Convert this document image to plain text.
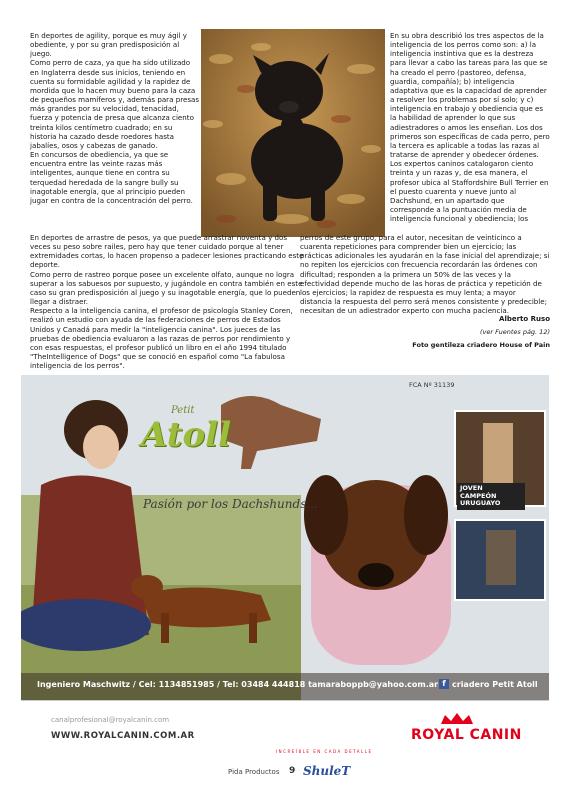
En deportes de agility, porque es muy ágil y obediente, y por su gran predisposición al juego.

Como perro de caza, ya que ha sido utilizado en Inglaterra desde sus inicios, teniendo en cuenta su formidable agilidad y la rapidez de mordida que lo hacen muy bueno para la caza de pequeños mamíferos y, además para presas más grandes por su velocidad, tenacidad, fuerza y potencia de presa que alcanza ciento treinta kilos centímetro cuadrado; en su historia ha cazado desde roedores hasta jabalíes, osos y cabezas de ganado.

En concursos de obediencia, ya que se encuentra entre las veinte razas más inteligentes, aunque tiene en contra su terquedad heredada de la sangre bully su inagotable energía, que al principio pueden jugar en contra de la concentración del perro.

En su obra describió los tres aspectos de la inteligencia de los perros como son: a) la inteligencia instintiva que es la destreza para llevar a cabo las tareas para las que se ha creado el perro (pastoreo, defensa, guardia, compañía); b) inteligencia adaptativa que es la capacidad de aprender a resolver los problemas por sí solo; y c) inteligencia en trabajo y obediencia que es la habilidad de aprender lo que sus adiestradores o amos les enseñan. Los dos primeros son específicas de cada perro, pero la tercera es aplicable a todas las razas al tratarse de aprender y obedecer órdenes. Los expertos caninos catalogaron ciento treinta y un razas y, de esa manera, el profesor ubica al Staffordshire Bull Terrier en el puesto cuarenta y nueve junto al Dachshund, en un apartado que corresponde a la puntuación media de inteligencia funcional y obediencia; los

En deportes de arrastre de pesos, ya que puede arrastrar noventa y dos veces su peso sobre railes, pero hay que tener cuidado porque al tener extremidades cortas, lo hacen propenso a padecer lesiones practicando este deporte.

Como perro de rastreo porque posee un excelente olfato, aunque no logra superar a los sabuesos por supuesto, y jugándole en contra también en este caso su gran predisposición al juego y su inagotable energía, que lo pueden llegar a distraer.

Respecto a la inteligencia canina, el profesor de psicología Stanley Coren, realizó un estudio con ayuda de las federaciones de perros de Estados Unidos y Canadá para medir la "inteligencia canina". Los jueces de las pruebas de obediencia evaluaron a las razas de perros por rendimiento y con esas respuestas, el profesor publicó un libro en el año 1994 titulado "TheIntelligence of Dogs" que se conoció en español como "La fabulosa inteligencia de los perros".

perros de este grupo, para el autor, necesitan de veinticinco a cuarenta repeticiones para comprender bien un ejercicio; las prácticas adicionales les ayudarán en la fase inicial del aprendizaje; si no repiten los ejercicios con frecuencia recordarán las órdenes con dificultad; responden a la primera un 50% de las veces y la efectividad depende mucho de las horas de práctica y repetición de los ejercicios; la rapidez de respuesta es muy lenta; a mayor distancia la respuesta del perro será menos consistente y predecible; necesitan de un adiestrador experto con mucha paciencia.

Alberto Ruso
(ver Fuentes pág. 12)
Foto gentileza criadero House of Pain
FCA Nº 31139
Petit
Atoll
Pasión por los Dachshunds...
JOVEN
CAMPEÓN
URUGUAYO
Ingeniero Maschwitz / Cel: 1134851985 / Tel: 03484 444818 tamaraboppb@yahoo.com.ar f criadero Petit Atoll
canalprofesional@royalcanin.com
WWW.ROYALCANIN.COM.AR
INCREÍBLE EN CADA DETALLE
ROYAL CANIN
Pida Productos 9 ShuleT
